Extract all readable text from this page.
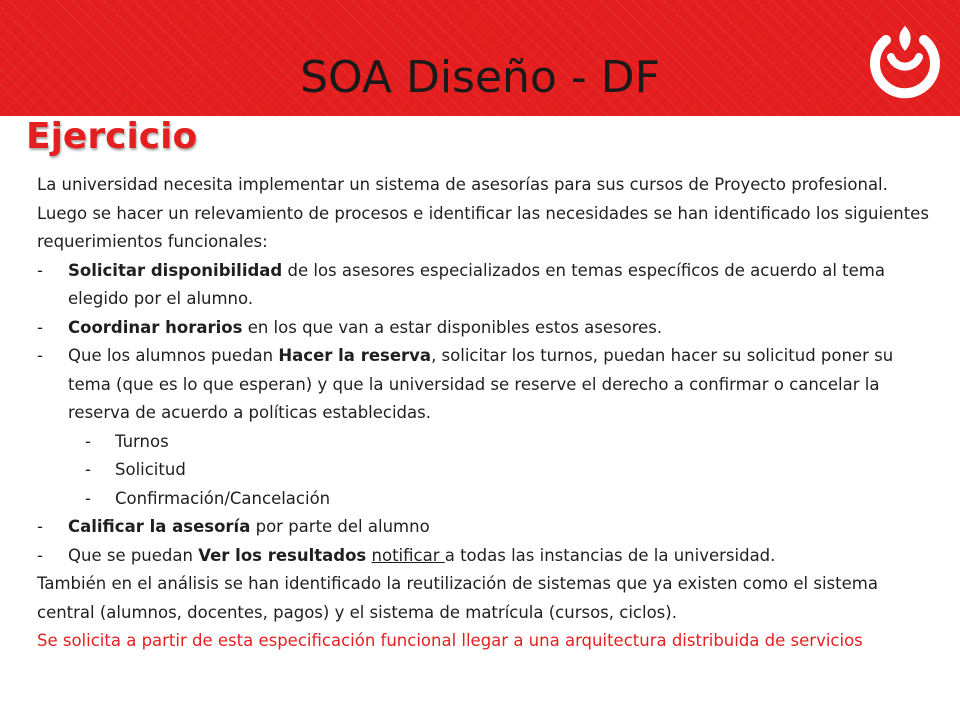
SOA Diseño - DF
Ejercicio

La universidad necesita implementar un sistema de asesorías para sus cursos de Proyecto profesional. Luego se hacer un relevamiento de procesos e identificar las necesidades se han identificado los siguientes requerimientos funcionales:

- Solicitar disponibilidad de los asesores especializados en temas específicos de acuerdo al tema elegido por el alumno.
- Coordinar horarios en los que van a estar disponibles estos asesores.
- Que los alumnos puedan Hacer la reserva, solicitar los turnos, puedan hacer su solicitud poner su tema (que es lo que esperan) y que la universidad se reserve el derecho a confirmar o cancelar la reserva de acuerdo a políticas establecidas.
- Turnos
- Solicitud
- Confirmación/Cancelación
- Calificar la asesoría por parte del alumno
- Que se puedan Ver los resultados notificar a todas las instancias de la universidad.

También en el análisis se han identificado la reutilización de sistemas que ya existen como el sistema central (alumnos, docentes, pagos) y el sistema de matrícula (cursos, ciclos).

Se solicita a partir de esta especificación funcional llegar a una arquitectura distribuida de servicios
